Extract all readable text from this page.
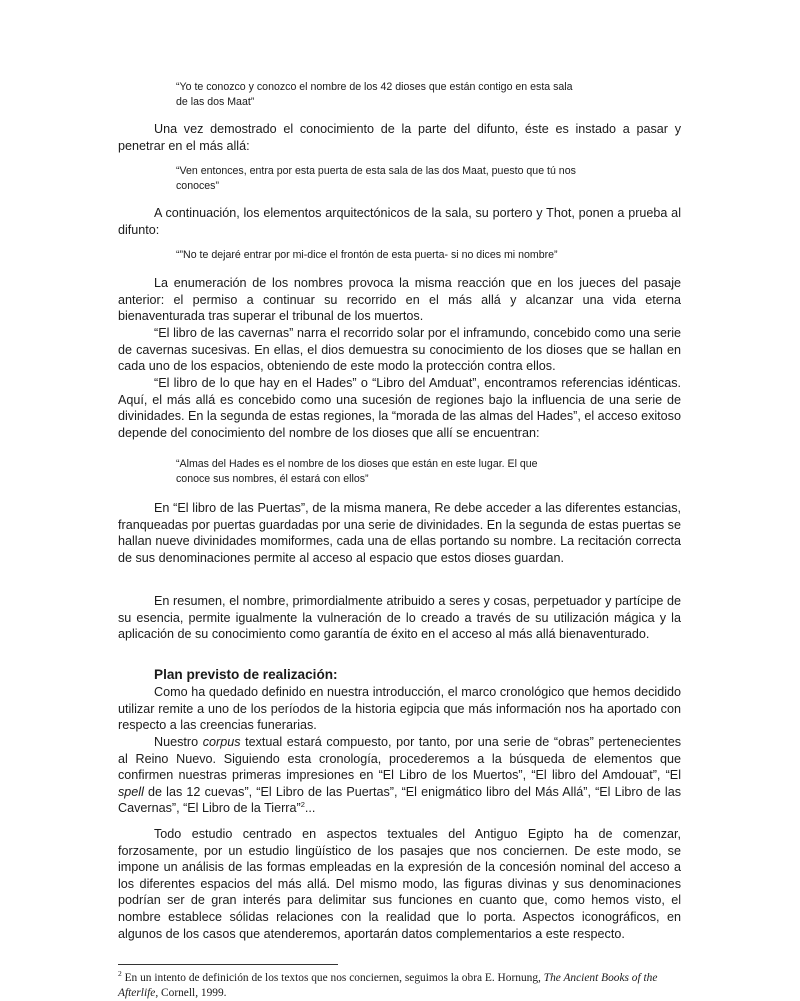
“Yo te conozco y conozco el nombre de los 42 dioses que están contigo en esta sala
de las dos Maat”

Una vez demostrado el conocimiento de la parte del difunto, éste es instado a pasar y penetrar en el más allá:

“Ven entonces, entra por esta puerta de esta sala de las dos Maat, puesto que tú nos
conoces”

A continuación, los elementos arquitectónicos de la sala, su portero y Thot, ponen a prueba al difunto:

“”No te dejaré entrar por mi-dice el frontón de esta puerta- si no dices mi nombre”

La enumeración de los nombres provoca la misma reacción que en los jueces del pasaje anterior: el permiso a continuar su recorrido en el más allá y alcanzar una vida eterna bienaventurada tras superar el tribunal de los muertos.

“El libro de las cavernas” narra el recorrido solar por el inframundo, concebido como una serie de cavernas sucesivas. En ellas, el dios demuestra su conocimiento de los dioses que se hallan en cada uno de los espacios, obteniendo de este modo la protección contra ellos.

“El libro de lo que hay en el Hades” o “Libro del Amduat”, encontramos referencias idénticas. Aquí, el más allá es concebido como una sucesión de regiones bajo la influencia de una serie de divinidades. En la segunda de estas regiones, la “morada de las almas del Hades”, el acceso exitoso depende del conocimiento del nombre de los dioses que allí se encuentran:

“Almas del Hades es el nombre de los dioses que están en este lugar. El que
conoce sus nombres, él estará con ellos”

En “El libro de las Puertas”, de la misma manera, Re debe acceder a las diferentes estancias, franqueadas por puertas guardadas por una serie de divinidades. En la segunda de estas puertas se hallan nueve divinidades momiformes, cada una de ellas portando su nombre. La recitación correcta de sus denominaciones permite al acceso al espacio que estos dioses guardan.

En resumen, el nombre, primordialmente atribuido a seres y cosas, perpetuador y partícipe de su esencia, permite igualmente la vulneración de lo creado a través de su utilización mágica y la aplicación de su conocimiento como garantía de éxito en el acceso al más allá bienaventurado.

Plan previsto de realización:

Como ha quedado definido en nuestra introducción, el marco cronológico que hemos decidido utilizar remite a uno de los períodos de la historia egipcia que más información nos ha aportado con respecto a las creencias funerarias.

Nuestro corpus textual estará compuesto, por tanto, por una serie de “obras” pertenecientes al Reino Nuevo. Siguiendo esta cronología, procederemos a la búsqueda de elementos que confirmen nuestras primeras impresiones en “El Libro de los Muertos”, “El libro del Amdouat”, “El spell de las 12 cuevas”, “El Libro de las Puertas”, “El enigmático libro del Más Allá”, “El Libro de las Cavernas”, “El Libro de la Tierra”$^2$...

Todo estudio centrado en aspectos textuales del Antiguo Egipto ha de comenzar, forzosamente, por un estudio lingüístico de los pasajes que nos conciernen. De este modo, se impone un análisis de las formas empleadas en la expresión de la concesión nominal del acceso a los diferentes espacios del más allá. Del mismo modo, las figuras divinas y sus denominaciones podrían ser de gran interés para delimitar sus funciones en cuanto que, como hemos visto, el nombre establece sólidas relaciones con la realidad que lo porta. Aspectos iconográficos, en algunos de los casos que atenderemos, aportarán datos complementarios a este respecto.

$^2$ En un intento de definición de los textos que nos conciernen, seguimos la obra E. Hornung, The Ancient Books of the Afterlife, Cornell, 1999.
